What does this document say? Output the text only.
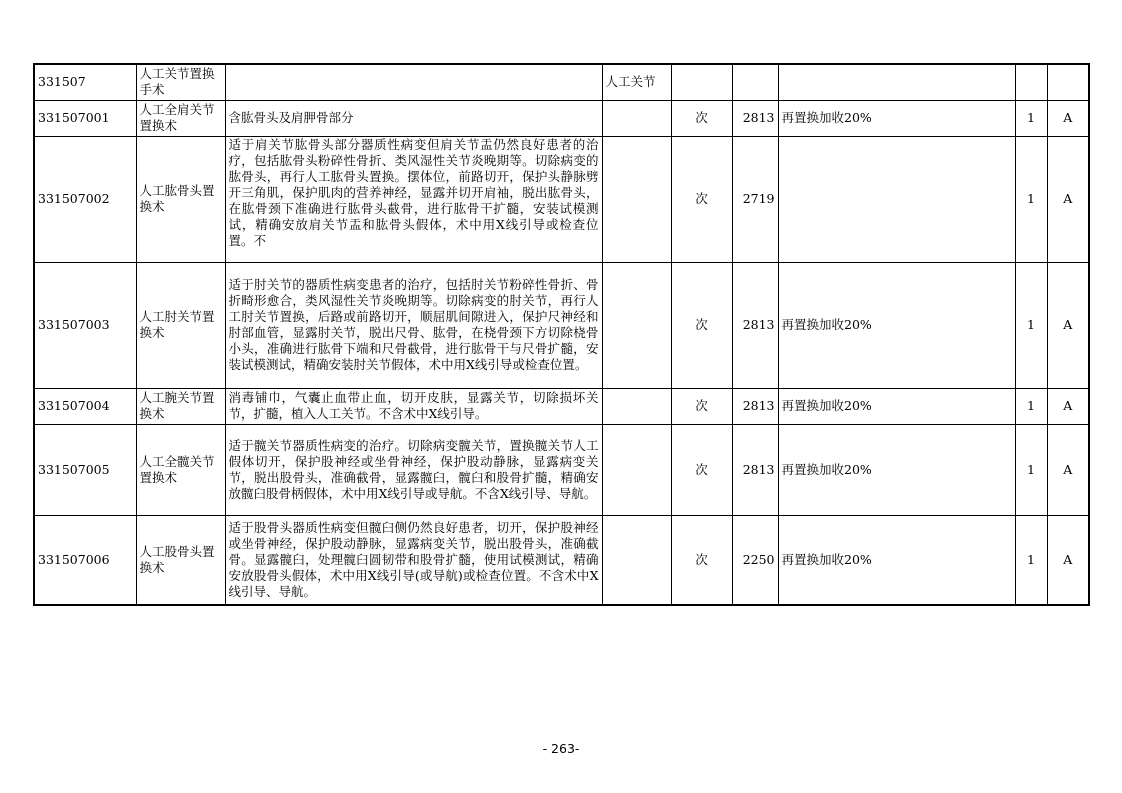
331507	人工关节置换手术		人工关节					
331507001	人工全肩关节置换术	含肱骨头及肩胛骨部分		次	2813	再置换加收20%	1	A
331507002	人工肱骨头置换术	适于肩关节肱骨头部分器质性病变但肩关节盂仍然良好患者的治疗，包括肱骨头粉碎性骨折、类风湿性关节炎晚期等。切除病变的肱骨头，再行人工肱骨头置换。摆体位，前路切开，保护头静脉劈开三角肌，保护肌肉的营养神经，显露并切开肩袖，脱出肱骨头，在肱骨颈下准确进行肱骨头截骨，进行肱骨干扩髓，安装试模测试，精确安放肩关节盂和肱骨头假体，术中用X线引导或检查位置。不		次	2719		1	A
331507003	人工肘关节置换术	适于肘关节的器质性病变患者的治疗，包括肘关节粉碎性骨折、骨折畸形愈合，类风湿性关节炎晚期等。切除病变的肘关节，再行人工肘关节置换，后路或前路切开，顺屈肌间隙进入，保护尺神经和肘部血管，显露肘关节，脱出尺骨、肱骨，在桡骨颈下方切除桡骨小头，准确进行肱骨下端和尺骨截骨，进行肱骨干与尺骨扩髓，安装试模测试，精确安装肘关节假体，术中用X线引导或检查位置。		次	2813	再置换加收20%	1	A
331507004	人工腕关节置换术	消毒铺巾，气囊止血带止血，切开皮肤，显露关节，切除损坏关节，扩髓，植入人工关节。不含术中X线引导。		次	2813	再置换加收20%	1	A
331507005	人工全髋关节置换术	适于髋关节器质性病变的治疗。切除病变髋关节，置换髋关节人工假体切开，保护股神经或坐骨神经，保护股动静脉，显露病变关节，脱出股骨头，准确截骨，显露髋臼，髋臼和股骨扩髓，精确安放髋臼股骨柄假体，术中用X线引导或导航。不含X线引导、导航。		次	2813	再置换加收20%	1	A
331507006	人工股骨头置换术	适于股骨头器质性病变但髋臼侧仍然良好患者，切开，保护股神经或坐骨神经，保护股动静脉，显露病变关节，脱出股骨头，准确截骨。显露髋臼，处理髋臼圆韧带和股骨扩髓，使用试模测试，精确安放股骨头假体，术中用X线引导(或导航)或检查位置。不含术中X线引导、导航。		次	2250	再置换加收20%	1	A
- 263-
